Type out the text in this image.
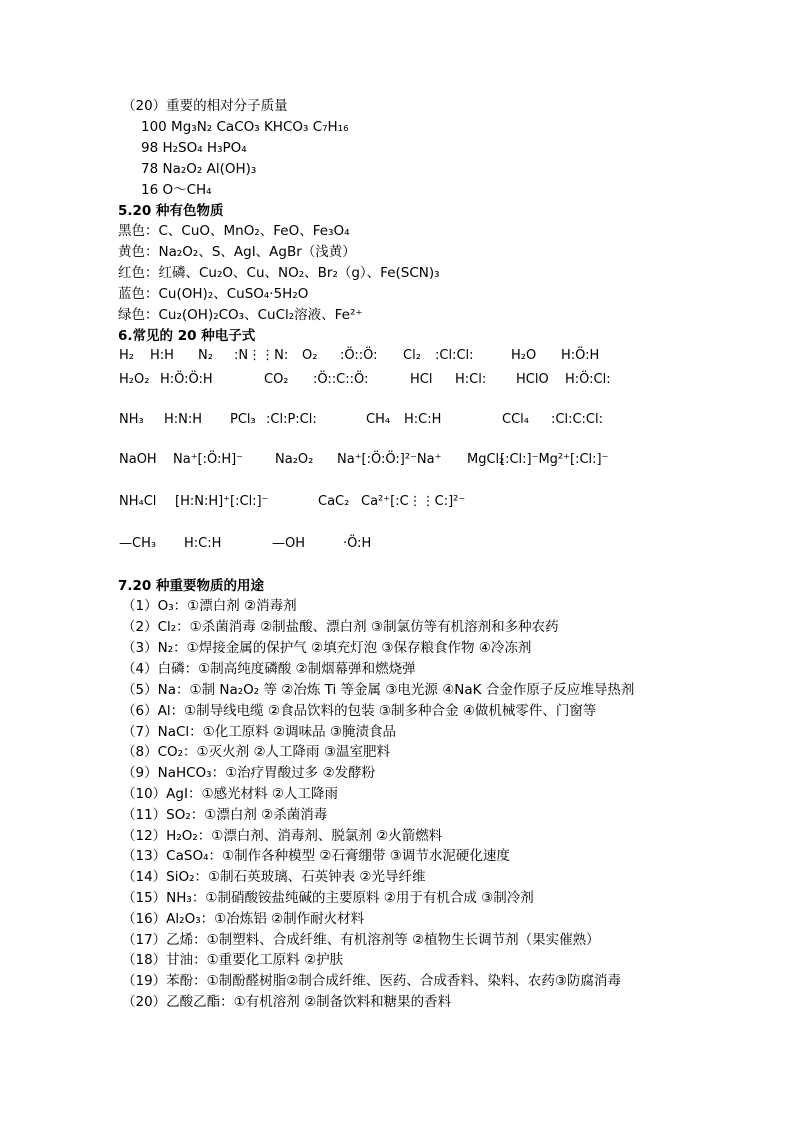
（20）重要的相对分子质量
100 Mg₃N₂ CaCO₃ KHCO₃ C₇H₁₆
98 H₂SO₄ H₃PO₄
78 Na₂O₂ Al(OH)₃
16 O～CH₄
5.20 种有色物质
黑色：C、CuO、MnO₂、FeO、Fe₃O₄
黄色：Na₂O₂、S、AgI、AgBr（浅黄）
红色：红磷、Cu₂O、Cu、NO₂、Br₂（g）、Fe(SCN)₃
蓝色：Cu(OH)₂、CuSO₄·5H₂O
绿色：Cu₂(OH)₂CO₃、CuCl₂溶液、Fe²⁺
6.常见的 20 种电子式
H₂ H:H N₂ :N⋮⋮N: O₂ :Ö::Ö: Cl₂ :Cl:Cl:	H₂O H:Ö:H
H₂O₂ H:Ö:Ö:H	CO₂ :Ö::C::Ö:	HCl H:Cl: HClO H:Ö:Cl:
NH₃ H:N:H PCl₃ :Cl:P:Cl:	CH₄ H:C:H	CCl₄ :Cl:C:Cl:
NaOH Na⁺[:Ö:H]⁻ Na₂O₂ Na⁺[:Ö:Ö:]²⁻Na⁺ MgCl₂
[:Cl:]⁻Mg²⁺[:Cl:]⁻
NH₄Cl [H:N:H]⁺[:Cl:]⁻	CaC₂ Ca²⁺[:C⋮⋮C:]²⁻
—CH₃ H:C:H	—OH	·Ö:H
7.20 种重要物质的用途
（1）O₃：①漂白剂 ②消毒剂
（2）Cl₂：①杀菌消毒 ②制盐酸、漂白剂 ③制氯仿等有机溶剂和多种农药
（3）N₂：①焊接金属的保护气 ②填充灯泡 ③保存粮食作物 ④冷冻剂
（4）白磷：①制高纯度磷酸 ②制烟幕弹和燃烧弹
（5）Na：①制 Na₂O₂ 等 ②冶炼 Ti 等金属 ③电光源 ④NaK 合金作原子反应堆导热剂
（6）Al：①制导线电缆 ②食品饮料的包装 ③制多种合金 ④做机械零件、门窗等
（7）NaCl：①化工原料 ②调味品 ③腌渍食品
（8）CO₂：①灭火剂 ②人工降雨 ③温室肥料
（9）NaHCO₃：①治疗胃酸过多 ②发酵粉
（10）AgI：①感光材料 ②人工降雨
（11）SO₂：①漂白剂 ②杀菌消毒
（12）H₂O₂：①漂白剂、消毒剂、脱氯剂 ②火箭燃料
（13）CaSO₄：①制作各种模型 ②石膏绷带 ③调节水泥硬化速度
（14）SiO₂：①制石英玻璃、石英钟表 ②光导纤维
（15）NH₃：①制硝酸铵盐纯碱的主要原料 ②用于有机合成 ③制冷剂
（16）Al₂O₃：①冶炼铝 ②制作耐火材料
（17）乙烯：①制塑料、合成纤维、有机溶剂等 ②植物生长调节剂（果实催熟）
（18）甘油：①重要化工原料 ②护肤
（19）苯酚：①制酚醛树脂②制合成纤维、医药、合成香料、染料、农药③防腐消毒
（20）乙酸乙酯：①有机溶剂 ②制备饮料和糖果的香料
